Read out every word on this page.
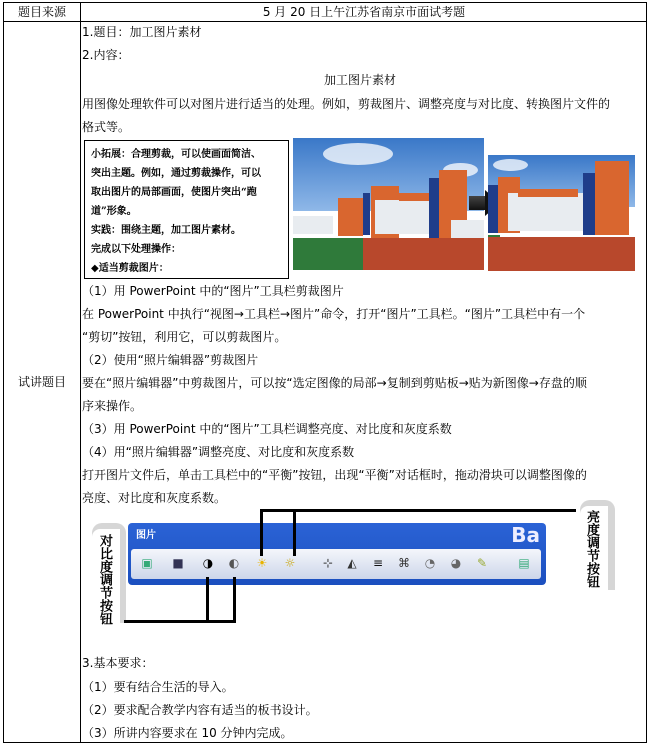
题目来源	5 月 20 日上午江苏省南京市面试考题
试讲题目
1.题目：加工图片素材
2.内容：
加工图片素材
用图像处理软件可以对图片进行适当的处理。例如，剪裁图片、调整亮度与对比度、转换图片文件的
格式等。
小拓展：合理剪裁，可以使画面简洁、
突出主题。例如，通过剪裁操作，可以
取出图片的局部画面，使图片突出“跑
道”形象。
实践：围绕主题，加工图片素材。
完成以下处理操作：
◆适当剪裁图片：
（1）用 PowerPoint 中的“图片”工具栏剪裁图片
在 PowerPoint 中执行“视图→工具栏→图片”命令，打开“图片”工具栏。“图片”工具栏中有一个
“剪切”按钮，利用它，可以剪裁图片。
（2）使用“照片编辑器”剪裁图片
要在“照片编辑器”中剪裁图片，可以按“选定图像的局部→复制到剪贴板→贴为新图像→存盘的顺
序来操作。
（3）用 PowerPoint 中的“图片”工具栏调整亮度、对比度和灰度系数
（4）用“照片编辑器”调整亮度、对比度和灰度系数
打开图片文件后，单击工具栏中的“平衡”按钮，出现“平衡”对话框时，拖动滑块可以调整图像的
亮度、对比度和灰度系数。
对比度调节按钮	亮度调节按钮
图片	Ba
▣ ■ ◑ ◐ ☀ ☼ ⊹ ◭ ≡ ⌘ ◔ ◕ ✎	▤
3.基本要求：
（1）要有结合生活的导入。
（2）要求配合教学内容有适当的板书设计。
（3）所讲内容要求在 10 分钟内完成。
